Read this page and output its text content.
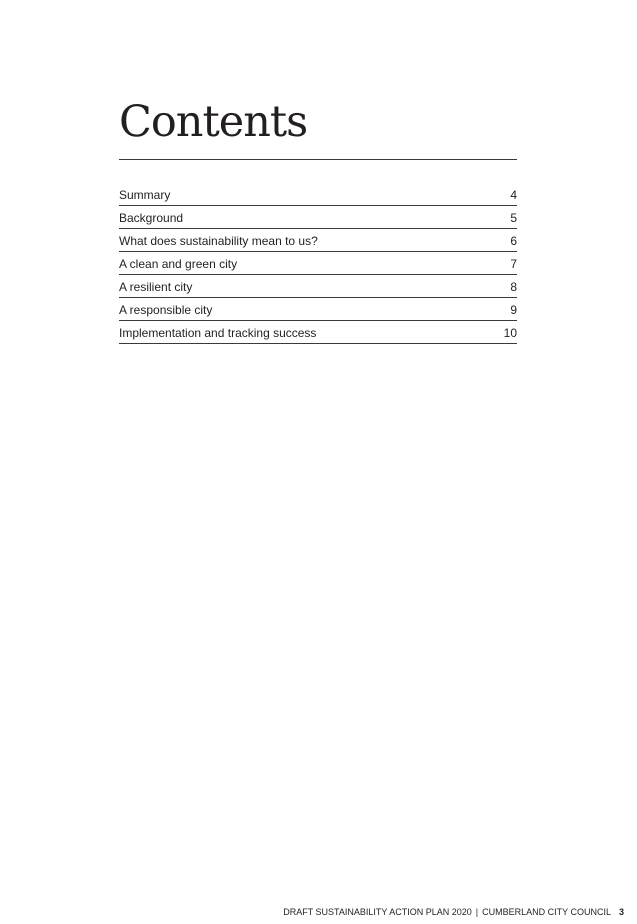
Contents
Summary	4
Background	5
What does sustainability mean to us?	6
A clean and green city	7
A resilient city	8
A responsible city	9
Implementation and tracking success	10
DRAFT SUSTAINABILITY ACTION PLAN 2020 | CUMBERLAND CITY COUNCIL 3
